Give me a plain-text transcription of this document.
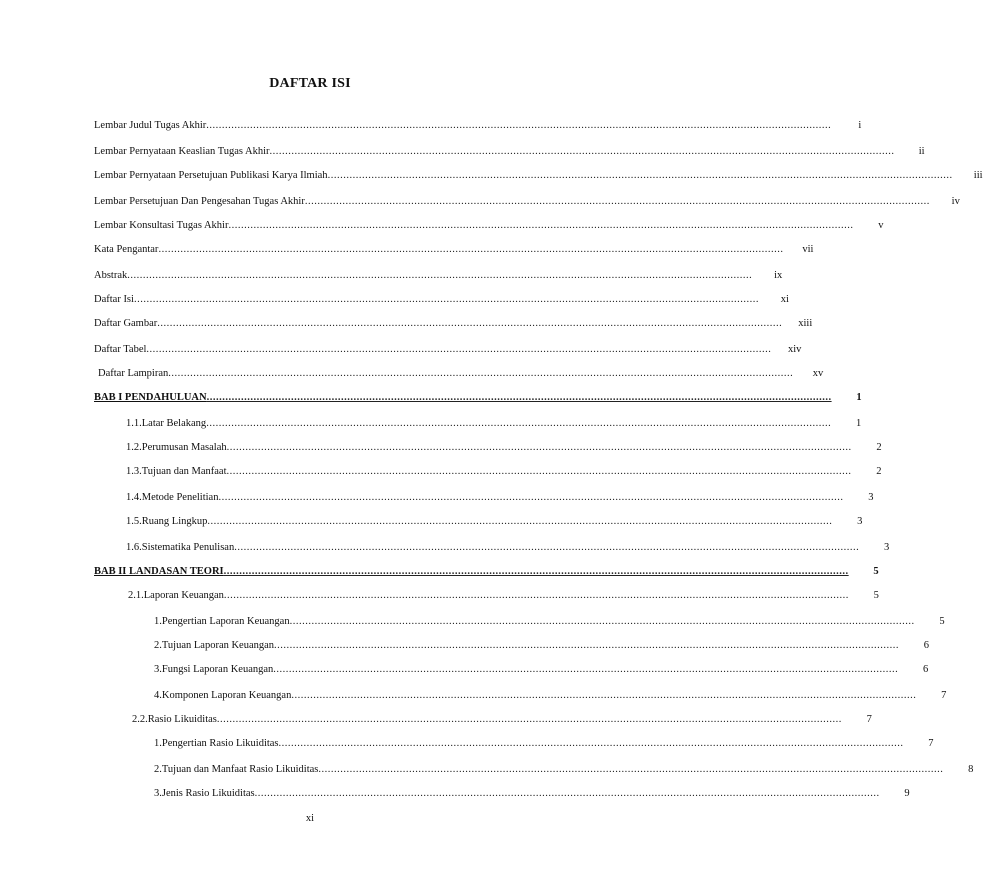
DAFTAR ISI
Lembar Judul Tugas Akhir ........................................................................................................................................................................................................	i
Lembar Pernyataan Keaslian Tugas Akhir ........................................................................................................................................................................................................	ii
Lembar Pernyataan Persetujuan Publikasi Karya Ilmiah ........................................................................................................................................................................................................	iii
Lembar Persetujuan Dan Pengesahan Tugas Akhir ........................................................................................................................................................................................................	iv
Lembar Konsultasi Tugas Akhir ........................................................................................................................................................................................................	v
Kata Pengantar ........................................................................................................................................................................................................	vii
Abstrak ........................................................................................................................................................................................................	ix
Daftar Isi ........................................................................................................................................................................................................	xi
Daftar Gambar ........................................................................................................................................................................................................	xiii
Daftar Tabel ........................................................................................................................................................................................................	xiv
Daftar Lampiran ........................................................................................................................................................................................................	xv
BAB I PENDAHULUAN ........................................................................................................................................................................................................	1
1.1.Latar Belakang ........................................................................................................................................................................................................	1
1.2.Perumusan Masalah ........................................................................................................................................................................................................	2
1.3.Tujuan dan Manfaat ........................................................................................................................................................................................................	2
1.4.Metode Penelitian ........................................................................................................................................................................................................	3
1.5.Ruang Lingkup ........................................................................................................................................................................................................	3
1.6.Sistematika Penulisan ........................................................................................................................................................................................................	3
BAB II LANDASAN TEORI ........................................................................................................................................................................................................	5
2.1.Laporan Keuangan ........................................................................................................................................................................................................	5
1.Pengertian Laporan Keuangan ........................................................................................................................................................................................................	5
2.Tujuan Laporan Keuangan ........................................................................................................................................................................................................	6
3.Fungsi Laporan Keuangan ........................................................................................................................................................................................................	6
4.Komponen Laporan Keuangan ........................................................................................................................................................................................................	7
2.2.Rasio Likuiditas ........................................................................................................................................................................................................	7
1.Pengertian Rasio Likuiditas ........................................................................................................................................................................................................	7
2.Tujuan dan Manfaat Rasio Likuiditas ........................................................................................................................................................................................................	8
3.Jenis Rasio Likuiditas ........................................................................................................................................................................................................	9
xi
